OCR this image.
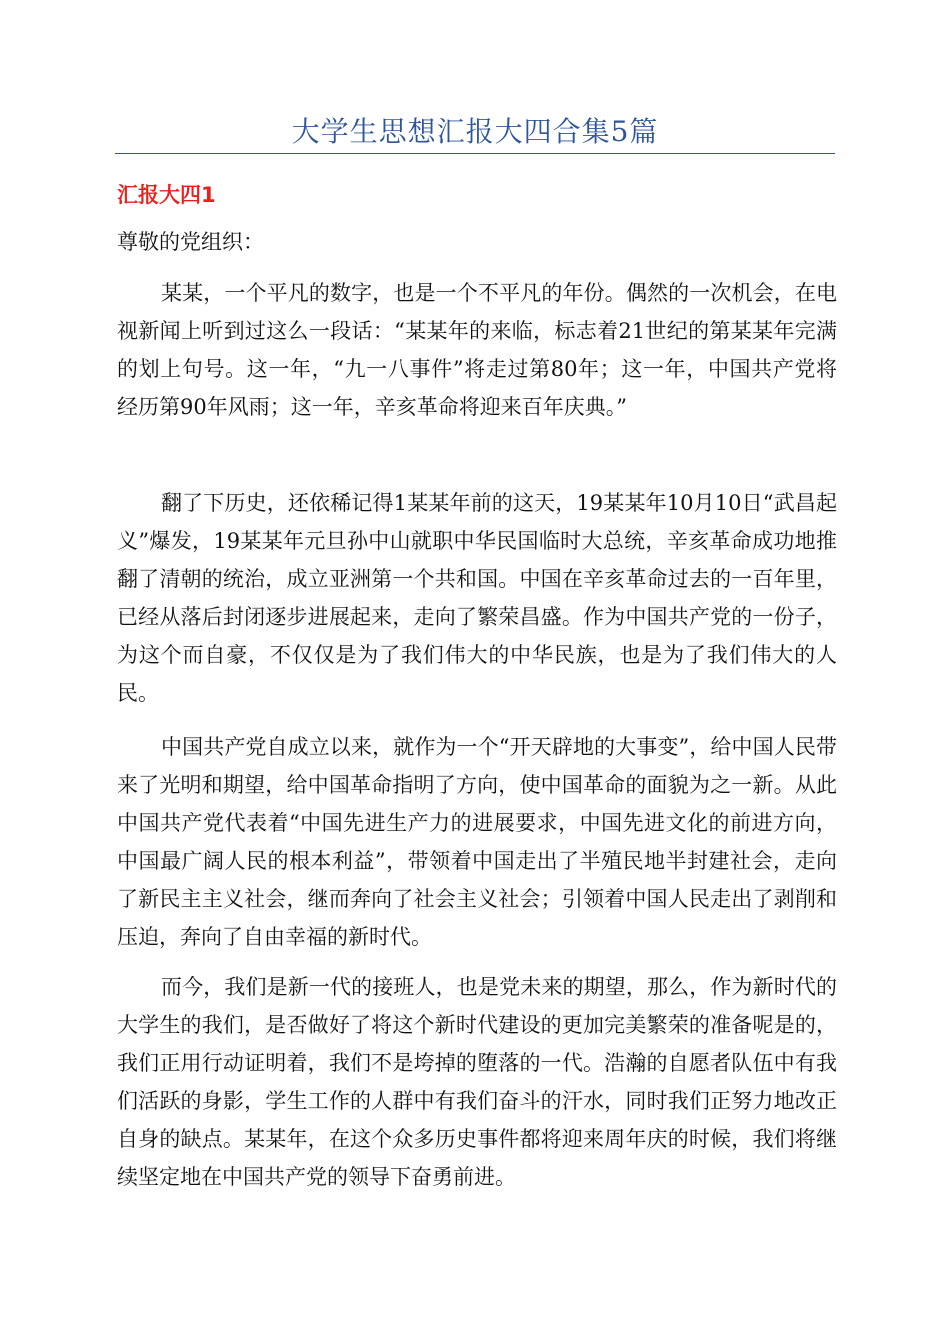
大学生思想汇报大四合集5篇
汇报大四1
尊敬的党组织：

某某，一个平凡的数字，也是一个不平凡的年份。偶然的一次机会，在电视新闻上听到过这么一段话：“某某年的来临，标志着21世纪的第某某年完满的划上句号。这一年，“九一八事件”将走过第80年；这一年，中国共产党将经历第90年风雨；这一年，辛亥革命将迎来百年庆典。”

翻了下历史，还依稀记得1某某年前的这天，19某某年10月10日“武昌起义”爆发，19某某年元旦孙中山就职中华民国临时大总统，辛亥革命成功地推翻了清朝的统治，成立亚洲第一个共和国。中国在辛亥革命过去的一百年里，已经从落后封闭逐步进展起来，走向了繁荣昌盛。作为中国共产党的一份子，为这个而自豪，不仅仅是为了我们伟大的中华民族，也是为了我们伟大的人民。

中国共产党自成立以来，就作为一个“开天辟地的大事变”，给中国人民带来了光明和期望，给中国革命指明了方向，使中国革命的面貌为之一新。从此中国共产党代表着“中国先进生产力的进展要求，中国先进文化的前进方向，中国最广阔人民的根本利益”，带领着中国走出了半殖民地半封建社会，走向了新民主主义社会，继而奔向了社会主义社会；引领着中国人民走出了剥削和压迫，奔向了自由幸福的新时代。

而今，我们是新一代的接班人，也是党未来的期望，那么，作为新时代的大学生的我们，是否做好了将这个新时代建设的更加完美繁荣的准备呢是的，我们正用行动证明着，我们不是垮掉的堕落的一代。浩瀚的自愿者队伍中有我们活跃的身影，学生工作的人群中有我们奋斗的汗水，同时我们正努力地改正自身的缺点。某某年，在这个众多历史事件都将迎来周年庆的时候，我们将继续坚定地在中国共产党的领导下奋勇前进。
